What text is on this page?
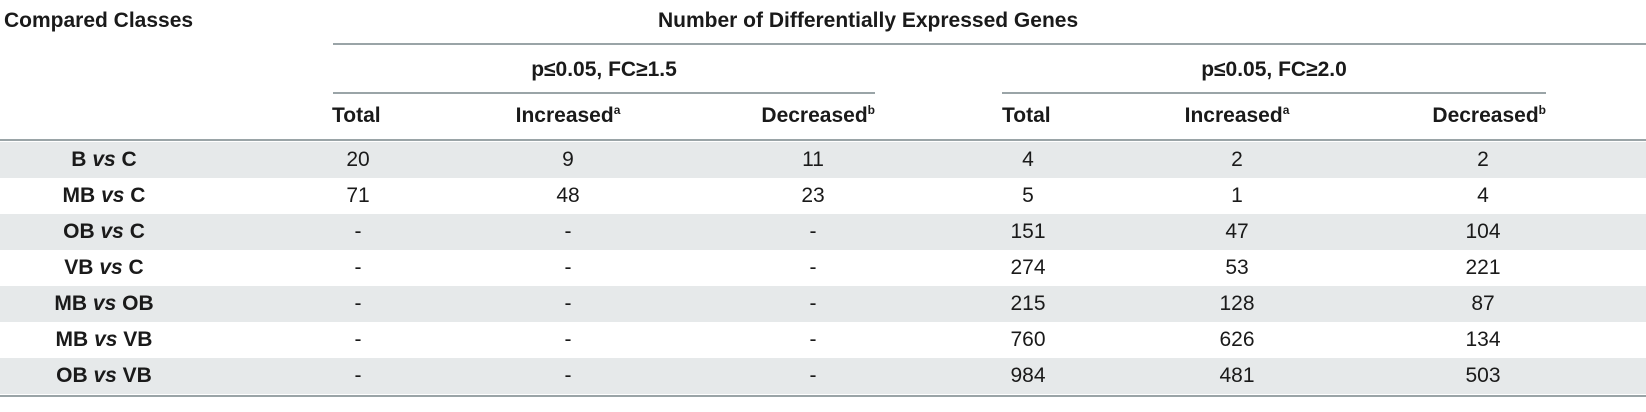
Compared Classes	Number of Differentially Expressed Genes
p≤0.05, FC≥1.5	p≤0.05, FC≥2.0
Total	Increased$^a$	Decreased$^b$	Total	Increased$^a$	Decreased$^b$
B vs C	20	9	11	4	2	2
MB vs C	71	48	23	5	1	4
OB vs C	-	-	-	151	47	104
VB vs C	-	-	-	274	53	221
MB vs OB	-	-	-	215	128	87
MB vs VB	-	-	-	760	626	134
OB vs VB	-	-	-	984	481	503
